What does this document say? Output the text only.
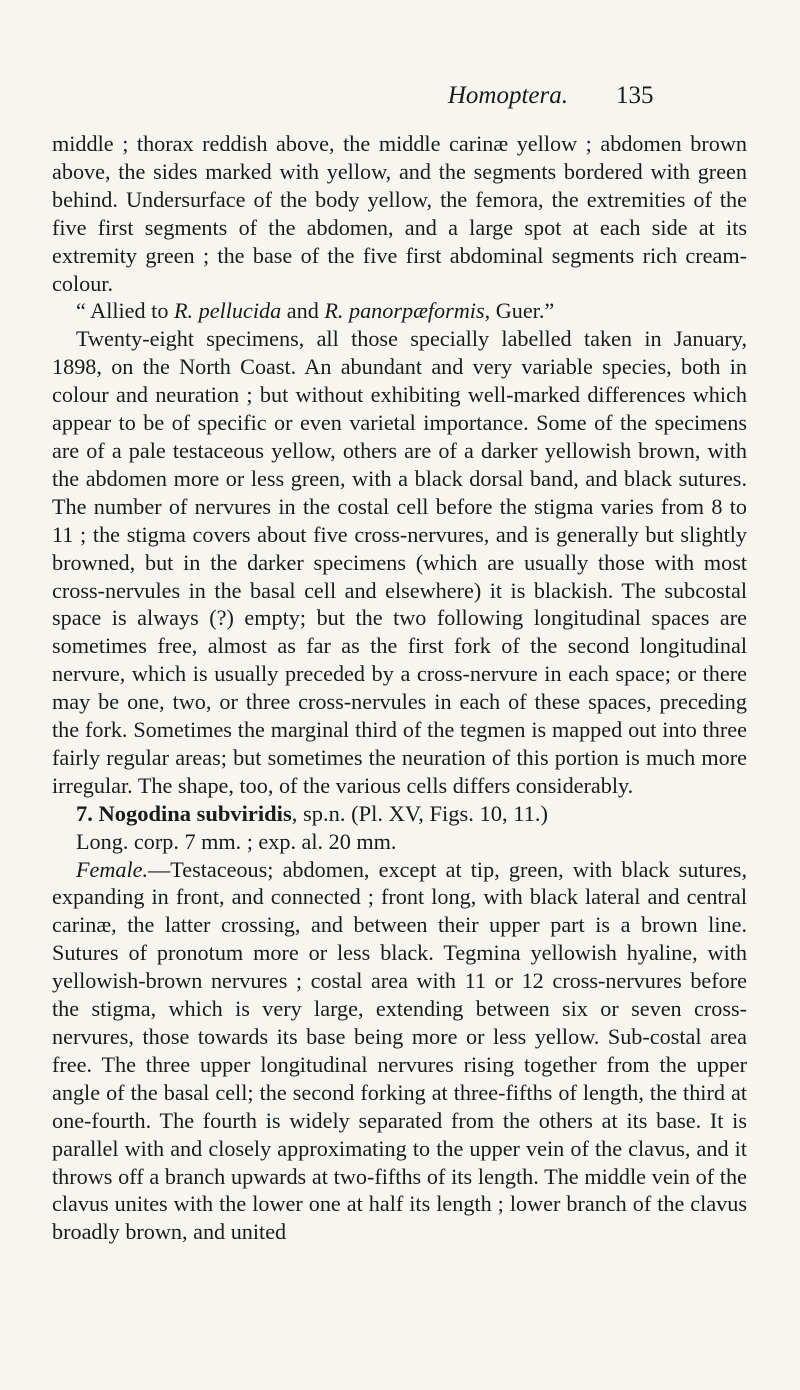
Homoptera. 135

middle ; thorax reddish above, the middle carinæ yellow ; abdomen brown above, the sides marked with yellow, and the segments bordered with green behind. Undersurface of the body yellow, the femora, the extremities of the five first segments of the abdomen, and a large spot at each side at its extremity green ; the base of the five first abdominal segments rich cream-colour.

“ Allied to R. pellucida and R. panorpæformis, Guer.”

Twenty-eight specimens, all those specially labelled taken in January, 1898, on the North Coast. An abundant and very variable species, both in colour and neuration ; but without exhibiting well-marked differences which appear to be of specific or even varietal importance. Some of the specimens are of a pale testaceous yellow, others are of a darker yellowish brown, with the abdomen more or less green, with a black dorsal band, and black sutures. The number of nervures in the costal cell before the stigma varies from 8 to 11 ; the stigma covers about five cross-nervures, and is generally but slightly browned, but in the darker specimens (which are usually those with most cross-nervules in the basal cell and elsewhere) it is blackish. The subcostal space is always (?) empty; but the two following longitudinal spaces are sometimes free, almost as far as the first fork of the second longitudinal nervure, which is usually preceded by a cross-nervure in each space; or there may be one, two, or three cross-nervules in each of these spaces, preceding the fork. Sometimes the marginal third of the tegmen is mapped out into three fairly regular areas; but sometimes the neuration of this portion is much more irregular. The shape, too, of the various cells differs considerably.

7. Nogodina subviridis, sp.n. (Pl. XV, Figs. 10, 11.)

Long. corp. 7 mm. ; exp. al. 20 mm.

Female.—Testaceous; abdomen, except at tip, green, with black sutures, expanding in front, and connected ; front long, with black lateral and central carinæ, the latter crossing, and between their upper part is a brown line. Sutures of pronotum more or less black. Tegmina yellowish hyaline, with yellowish-brown nervures ; costal area with 11 or 12 cross-nervures before the stigma, which is very large, extending between six or seven cross-nervures, those towards its base being more or less yellow. Sub-costal area free. The three upper longitudinal nervures rising together from the upper angle of the basal cell; the second forking at three-fifths of length, the third at one-fourth. The fourth is widely separated from the others at its base. It is parallel with and closely approximating to the upper vein of the clavus, and it throws off a branch upwards at two-fifths of its length. The middle vein of the clavus unites with the lower one at half its length ; lower branch of the clavus broadly brown, and united
